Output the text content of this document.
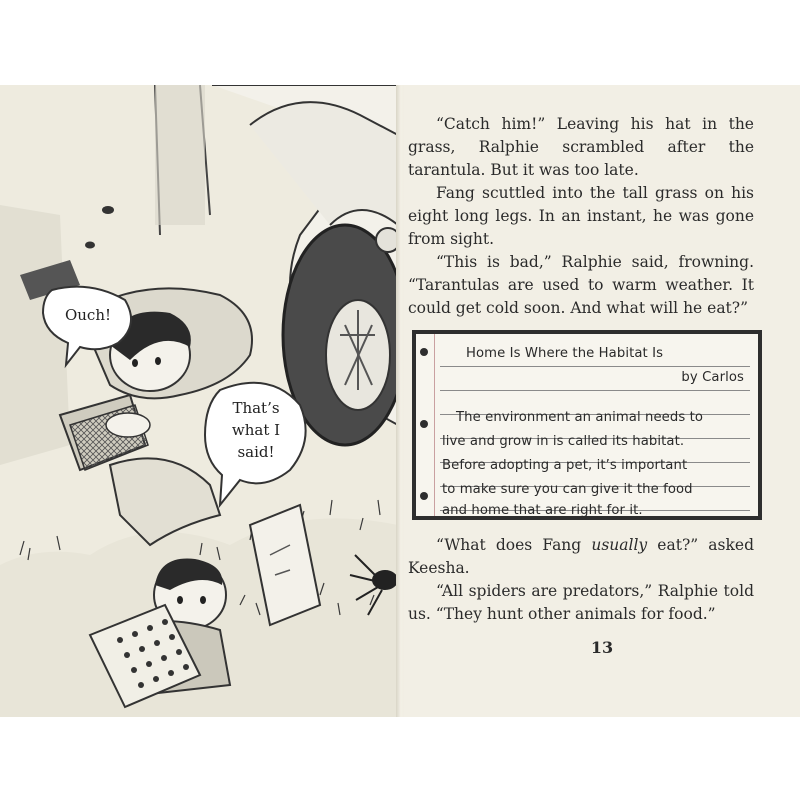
Ouch!
That’s
what I
said!

“Catch him!” Leaving his hat in the grass, Ralphie scrambled after the tarantula. But it was too late.

Fang scuttled into the tall grass on his eight long legs. In an instant, he was gone from sight.

“This is bad,” Ralphie said, frowning. “Tarantulas are used to warm weather. It could get cold soon. And what will he eat?”

Home Is Where the Habitat Is
by Carlos
The environment an animal needs to
live and grow in is called its habitat.
Before adopting a pet, it’s important
to make sure you can give it the food
and home that are right for it.

“What does Fang usually eat?” asked Keesha.

“All spiders are predators,” Ralphie told us. “They hunt other animals for food.”

13
